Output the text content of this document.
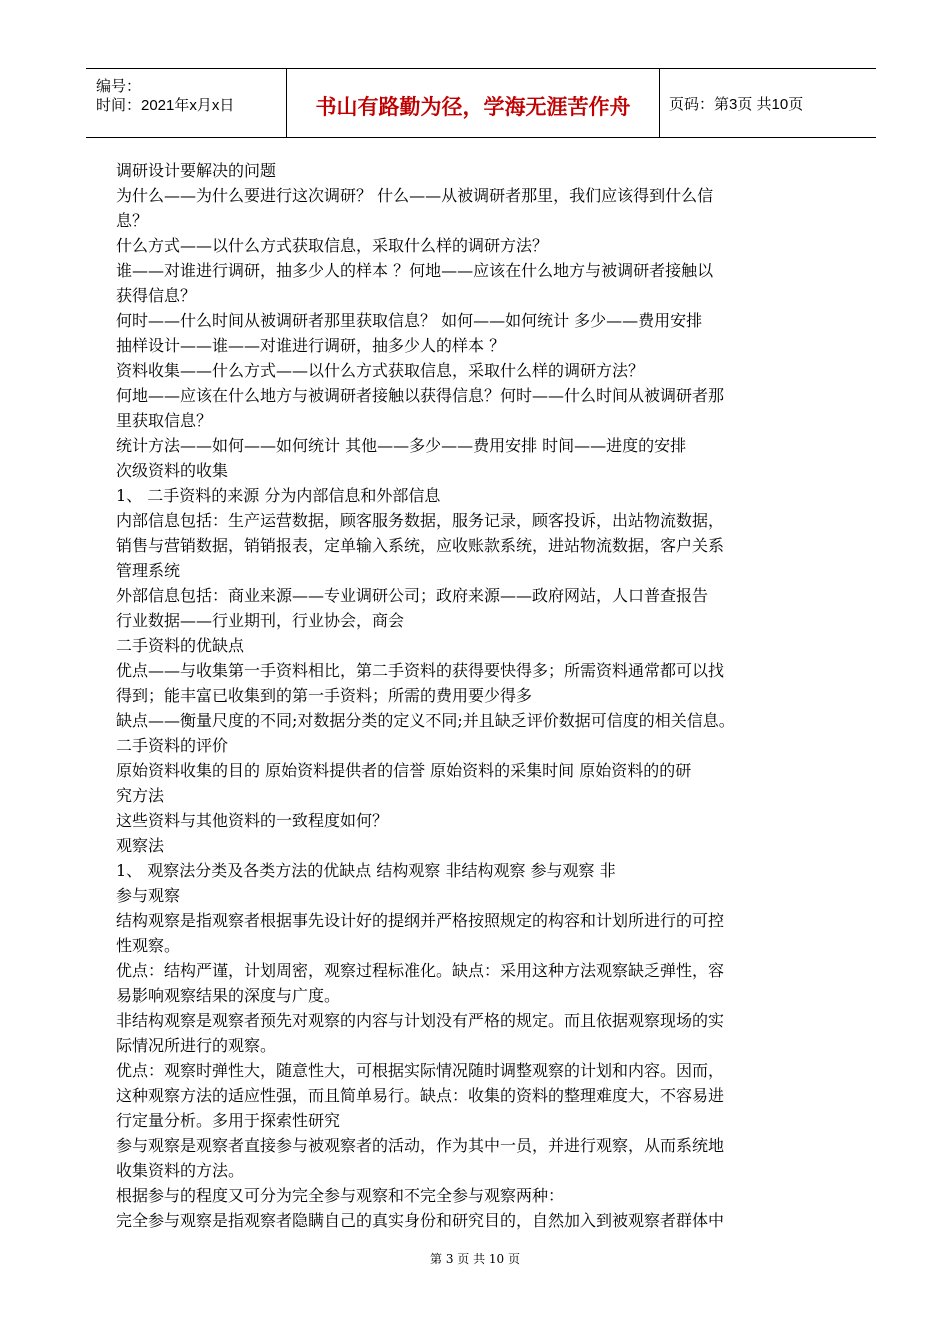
编号：
时间：2021年x月x日	书山有路勤为径，学海无涯苦作舟	页码：第3页 共10页

调研设计要解决的问题

为什么——为什么要进行这次调研？ 什么——从被调研者那里，我们应该得到什么信

息？

什么方式——以什么方式获取信息，采取什么样的调研方法？

谁——对谁进行调研，抽多少人的样本 ？何地——应该在什么地方与被调研者接触以

获得信息？

何时——什么时间从被调研者那里获取信息？ 如何——如何统计 多少——费用安排

抽样设计——谁——对谁进行调研，抽多少人的样本 ？

资料收集——什么方式——以什么方式获取信息，采取什么样的调研方法？

何地——应该在什么地方与被调研者接触以获得信息？何时——什么时间从被调研者那

里获取信息？

统计方法——如何——如何统计 其他——多少——费用安排 时间——进度的安排

次级资料的收集

1、 二手资料的来源 分为内部信息和外部信息

内部信息包括：生产运营数据，顾客服务数据，服务记录，顾客投诉，出站物流数据，

销售与营销数据，销销报表，定单输入系统，应收账款系统，进站物流数据，客户关系

管理系统

外部信息包括：商业来源——专业调研公司；政府来源——政府网站，人口普查报告

行业数据——行业期刊，行业协会，商会

二手资料的优缺点

优点——与收集第一手资料相比，第二手资料的获得要快得多；所需资料通常都可以找

得到；能丰富已收集到的第一手资料；所需的费用要少得多

缺点——衡量尺度的不同;对数据分类的定义不同;并且缺乏评价数据可信度的相关信息。

二手资料的评价

原始资料收集的目的 原始资料提供者的信誉 原始资料的采集时间 原始资料的的研

究方法

这些资料与其他资料的一致程度如何？

观察法

1、 观察法分类及各类方法的优缺点 结构观察 非结构观察 参与观察 非

参与观察

结构观察是指观察者根据事先设计好的提纲并严格按照规定的构容和计划所进行的可控

性观察。

优点：结构严谨，计划周密，观察过程标准化。缺点：采用这种方法观察缺乏弹性，容

易影响观察结果的深度与广度。

非结构观察是观察者预先对观察的内容与计划没有严格的规定。而且依据观察现场的实

际情况所进行的观察。

优点：观察时弹性大，随意性大，可根据实际情况随时调整观察的计划和内容。因而，

这种观察方法的适应性强，而且简单易行。缺点：收集的资料的整理难度大，不容易进

行定量分析。多用于探索性研究

参与观察是观察者直接参与被观察者的活动，作为其中一员，并进行观察，从而系统地

收集资料的方法。

根据参与的程度又可分为完全参与观察和不完全参与观察两种：

完全参与观察是指观察者隐瞒自己的真实身份和研究目的，自然加入到被观察者群体中

第 3 页 共 10 页
